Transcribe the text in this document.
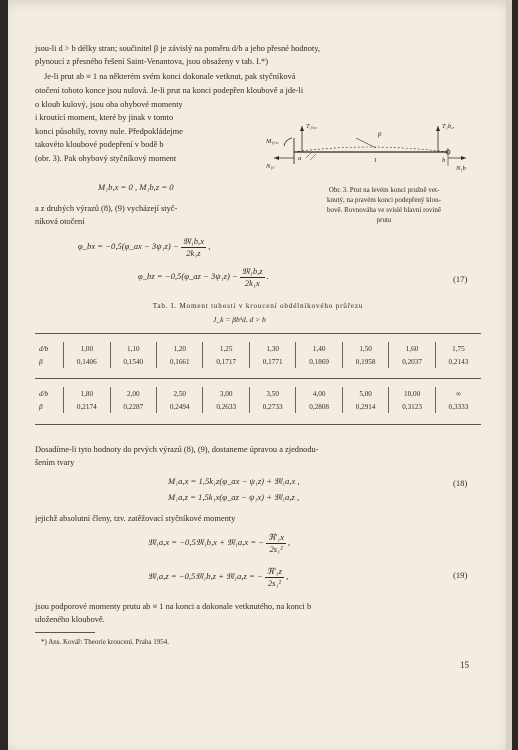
jsou-li d > b délky stran; součinitel β je závislý na poměru d/b a jeho přesné hodnoty,
plynoucí z přesného řešení Saint-Venantova, jsou obsaženy v tab. I.*)
Je-li prut ab ≡ 1 na některém svém konci dokonale vetknut, pak styčníková
otočení tohoto konce jsou nulová. Je-li prut na konci podepřen kloubově a jde-li
o kloub kulový, jsou oba ohybové momenty
i kroutící moment, které by jinak v tomto
konci působily, rovny nule. Předpokládejme
takovéto kloubové podepření v bodě b
(obr. 3). Pak ohybový styčníkový moment
M₁ₐ,ₓ
T₁ₐ,ₓ
N₁ₐ
p
T₁b,ₓ
N₁b
a	1	b
Obr. 3. Prut na levém konci pružně vet-
knutý, na pravém konci podepřený klou-
bově. Rovnováha ve svislé hlavní rovině
prutu
M₁b,x = 0 , M₁b,z = 0
a z druhých výrazů (8), (9) vycházejí styč-
níková otočení
φ_bx = −0,5(φ_ax − $3\psi_1z) - \frac{\text{𝔐₁b,x}}{\text{2k₁z}}$ ,
φ_bz = −0,5(φ_az − $3\psi_1z) - \frac{\text{𝔐₁b,z}}{\text{2k₁x}}$ .	(17)
Tab. I. Moment tuhosti v kroucení obdélníkového průřezu
J_k = βb³d, d > b
d/b	1,00	1,10	1,20	1,25	1,30	1,40	1,50	1,60	1,75
β	0,1406	0,1540	0,1661	0,1717	0,1771	0,1869	0,1958	0,2037	0,2143
d/b	1,80	2,00	2,50	3,00	3,50	4,00	5,00	10,00	∞
β	0,2174	0,2287	0,2494	0,2633	0,2733	0,2808	0,2914	0,3123	0,3333
Dosadíme-li tyto hodnoty do prvých výrazů (8), (9), dostaneme úpravou a zjednodu-
šením tvary
M₁a,x = 1,5k₁z(φ_ax − ψ₁z) + 𝔐₁a,x ,
M₁a,z = 1,5k₁x(φ_az − ψ₁x) + 𝔐₁a,z ,
(18)
jejichž absolutní členy, tzv. zatěžovací styčníkové momenty
𝔐₁a,x = −0,5𝔐₁b,x + 𝔐₁a,x = − $\frac{\text{ℜ'₁x}}{\text{2s₁²}}$ ,
𝔐₁a,z = −0,5𝔐₁b,z + 𝔐₁a,z = − $\frac{\text{ℜ'₁z}}{\text{2s₁²}}$ ,	(19)
jsou podporové momenty prutu ab ≡ 1 na konci a dokonale vetknutého, na konci b
uloženého kloubově.
*) Ans. Kovář: Theorie kroucení. Praha 1954.
15
